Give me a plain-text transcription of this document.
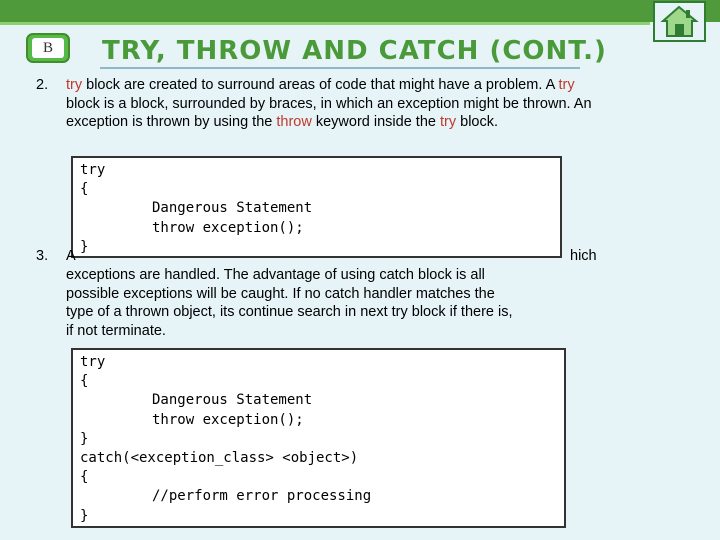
B	TRY, THROW AND CATCH (CONT.)
2. try block are created to surround areas of code that might have a problem. A try block is a block, surrounded by braces, in which an exception might be thrown. An exception is thrown by using the throw keyword inside the try block.
try
{
Dangerous Statement
throw exception();
}
3. A	hich
exceptions are handled. The advantage of using catch block is all
possible exceptions will be caught. If no catch handler matches the
type of a thrown object, its continue search in next try block if there is,
if not terminate.
try
{
Dangerous Statement
throw exception();
}
catch(<exception_class> <object>)
{
//perform error processing
}
